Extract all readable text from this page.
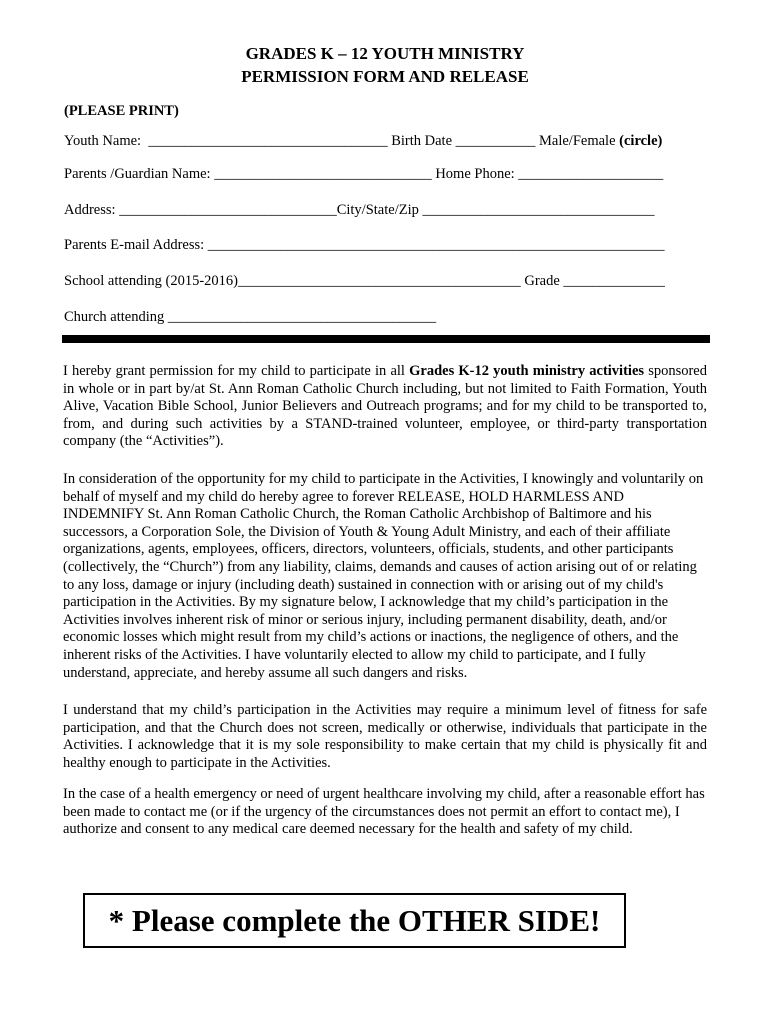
GRADES K – 12 YOUTH MINISTRY
PERMISSION FORM AND RELEASE
(PLEASE PRINT)
Youth Name: _________________________________ Birth Date ___________ Male/Female (circle)
Parents /Guardian Name: ______________________________ Home Phone: ____________________
Address: ______________________________City/State/Zip ________________________________
Parents E-mail Address: _______________________________________________________________
School attending (2015-2016)_______________________________________ Grade ______________
Church attending _____________________________________

I hereby grant permission for my child to participate in all Grades K-12 youth ministry activities sponsored in whole or in part by/at St. Ann Roman Catholic Church including, but not limited to Faith Formation, Youth Alive, Vacation Bible School, Junior Believers and Outreach programs; and for my child to be transported to, from, and during such activities by a STAND-trained volunteer, employee, or third-party transportation company (the “Activities”).

In consideration of the opportunity for my child to participate in the Activities, I knowingly and voluntarily on behalf of myself and my child do hereby agree to forever RELEASE, HOLD HARMLESS AND INDEMNIFY St. Ann Roman Catholic Church, the Roman Catholic Archbishop of Baltimore and his successors, a Corporation Sole, the Division of Youth & Young Adult Ministry, and each of their affiliate organizations, agents, employees, officers, directors, volunteers, officials, students, and other participants (collectively, the “Church”) from any liability, claims, demands and causes of action arising out of or relating to any loss, damage or injury (including death) sustained in connection with or arising out of my child's participation in the Activities. By my signature below, I acknowledge that my child’s participation in the Activities involves inherent risk of minor or serious injury, including permanent disability, death, and/or economic losses which might result from my child’s actions or inactions, the negligence of others, and the inherent risks of the Activities. I have voluntarily elected to allow my child to participate, and I fully understand, appreciate, and hereby assume all such dangers and risks.

I understand that my child’s participation in the Activities may require a minimum level of fitness for safe participation, and that the Church does not screen, medically or otherwise, individuals that participate in the Activities. I acknowledge that it is my sole responsibility to make certain that my child is physically fit and healthy enough to participate in the Activities.

In the case of a health emergency or need of urgent healthcare involving my child, after a reasonable effort has been made to contact me (or if the urgency of the circumstances does not permit an effort to contact me), I authorize and consent to any medical care deemed necessary for the health and safety of my child.

* Please complete the OTHER SIDE!
